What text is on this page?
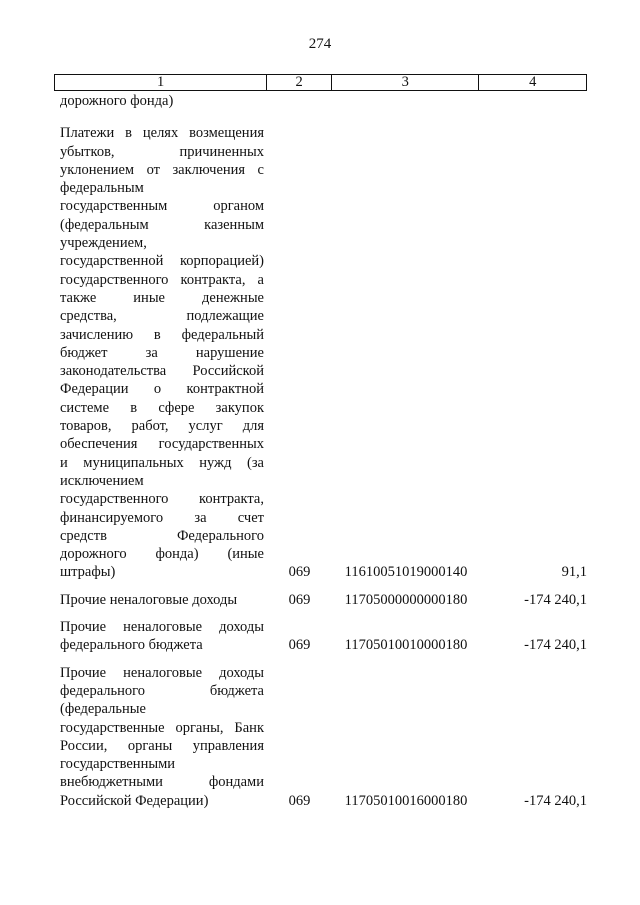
274
1	2	3	4
дорожного фонда)
Платежи в целях возмещения
убытков, причиненных
уклонением от заключения с
федеральным
государственным органом
(федеральным казенным
учреждением,
государственной корпорацией)
государственного контракта, а
также иные денежные
средства, подлежащие
зачислению в федеральный
бюджет за нарушение
законодательства Российской
Федерации о контрактной
системе в сфере закупок
товаров, работ, услуг для
обеспечения государственных
и муниципальных нужд (за
исключением
государственного контракта,
финансируемого за счет
средств Федерального
дорожного фонда) (иные
штрафы)	069	11610051019000140	91,1
Прочие неналоговые доходы	069	11705000000000180	-174 240,1
Прочие неналоговые доходы
федерального бюджета	069	11705010010000180	-174 240,1
Прочие неналоговые доходы
федерального бюджета
(федеральные
государственные органы, Банк
России, органы управления
государственными
внебюджетными фондами
Российской Федерации)	069	11705010016000180	-174 240,1
